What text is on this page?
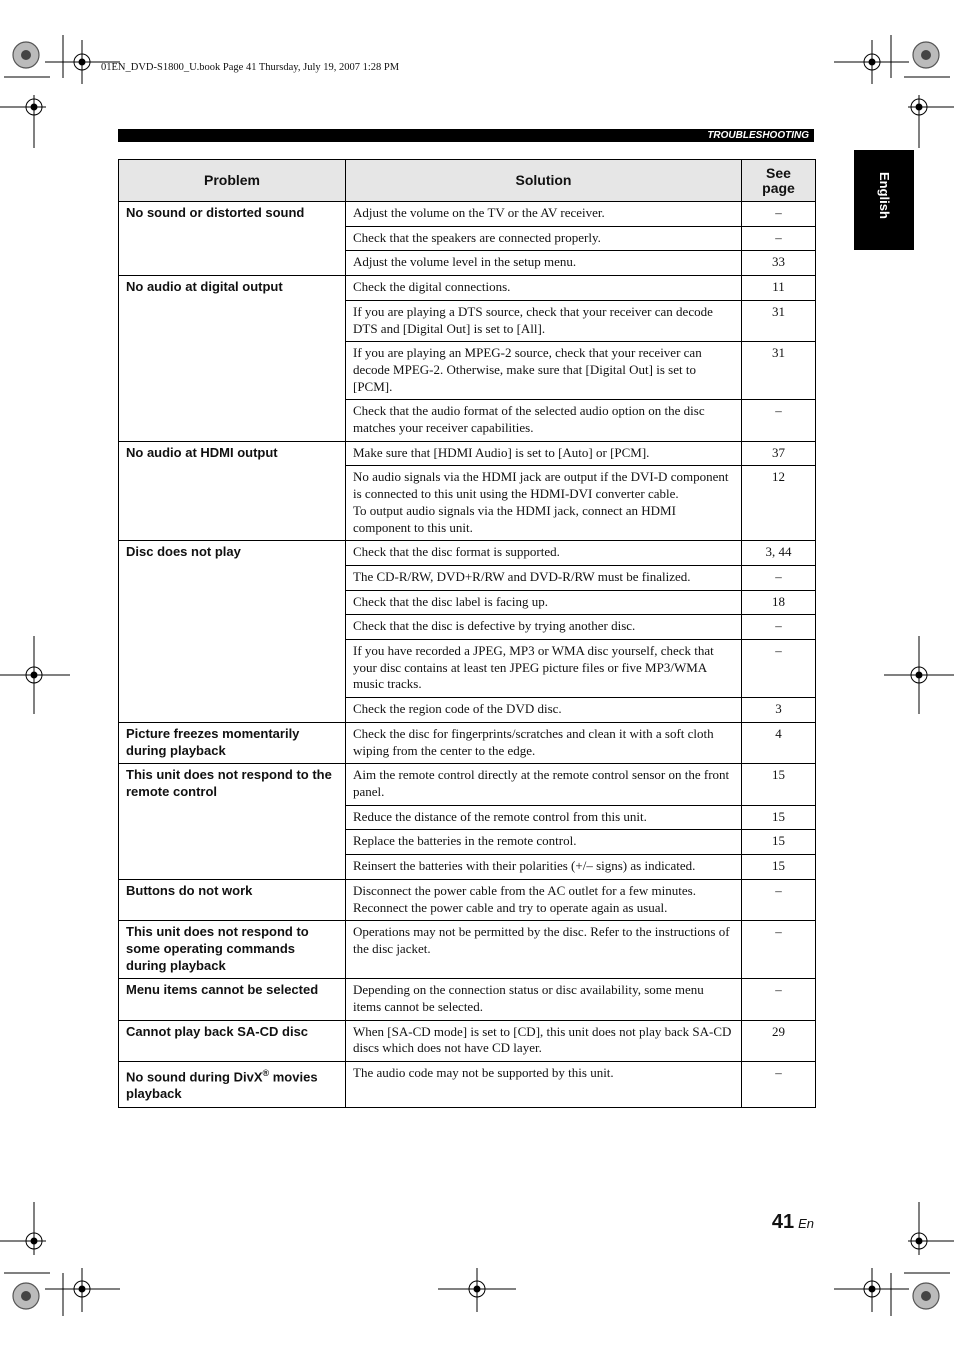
01EN_DVD-S1800_U.book Page 41 Thursday, July 19, 2007 1:28 PM
TROUBLESHOOTING
English
Problem	Solution	See
page
No sound or distorted sound	Adjust the volume on the TV or the AV receiver.	–
	Check that the speakers are connected properly.	–
	Adjust the volume level in the setup menu.	33
No audio at digital output	Check the digital connections.	11
	If you are playing a DTS source, check that your receiver can decode DTS and [Digital Out] is set to [All].	31
	If you are playing an MPEG-2 source, check that your receiver can decode MPEG-2. Otherwise, make sure that [Digital Out] is set to [PCM].	31
	Check that the audio format of the selected audio option on the disc matches your receiver capabilities.	–
No audio at HDMI output	Make sure that [HDMI Audio] is set to [Auto] or [PCM].	37
	No audio signals via the HDMI jack are output if the DVI-D component is connected to this unit using the HDMI-DVI converter cable.
To output audio signals via the HDMI jack, connect an HDMI component to this unit.	12
Disc does not play	Check that the disc format is supported.	3, 44
	The CD-R/RW, DVD+R/RW and DVD-R/RW must be finalized.	–
	Check that the disc label is facing up.	18
	Check that the disc is defective by trying another disc.	–
	If you have recorded a JPEG, MP3 or WMA disc yourself, check that your disc contains at least ten JPEG picture files or five MP3/WMA music tracks.	–
	Check the region code of the DVD disc.	3
Picture freezes momentarily during playback	Check the disc for fingerprints/scratches and clean it with a soft cloth wiping from the center to the edge.	4
This unit does not respond to the remote control	Aim the remote control directly at the remote control sensor on the front panel.	15
	Reduce the distance of the remote control from this unit.	15
	Replace the batteries in the remote control.	15
	Reinsert the batteries with their polarities (+/– signs) as indicated.	15
Buttons do not work	Disconnect the power cable from the AC outlet for a few minutes. Reconnect the power cable and try to operate again as usual.	–
This unit does not respond to some operating commands during playback	Operations may not be permitted by the disc. Refer to the instructions of the disc jacket.	–
Menu items cannot be selected	Depending on the connection status or disc availability, some menu items cannot be selected.	–
Cannot play back SA-CD disc	When [SA-CD mode] is set to [CD], this unit does not play back SA-CD discs which does not have CD layer.	29
No sound during DivX® movies playback	The audio code may not be supported by this unit.	–
41 En
